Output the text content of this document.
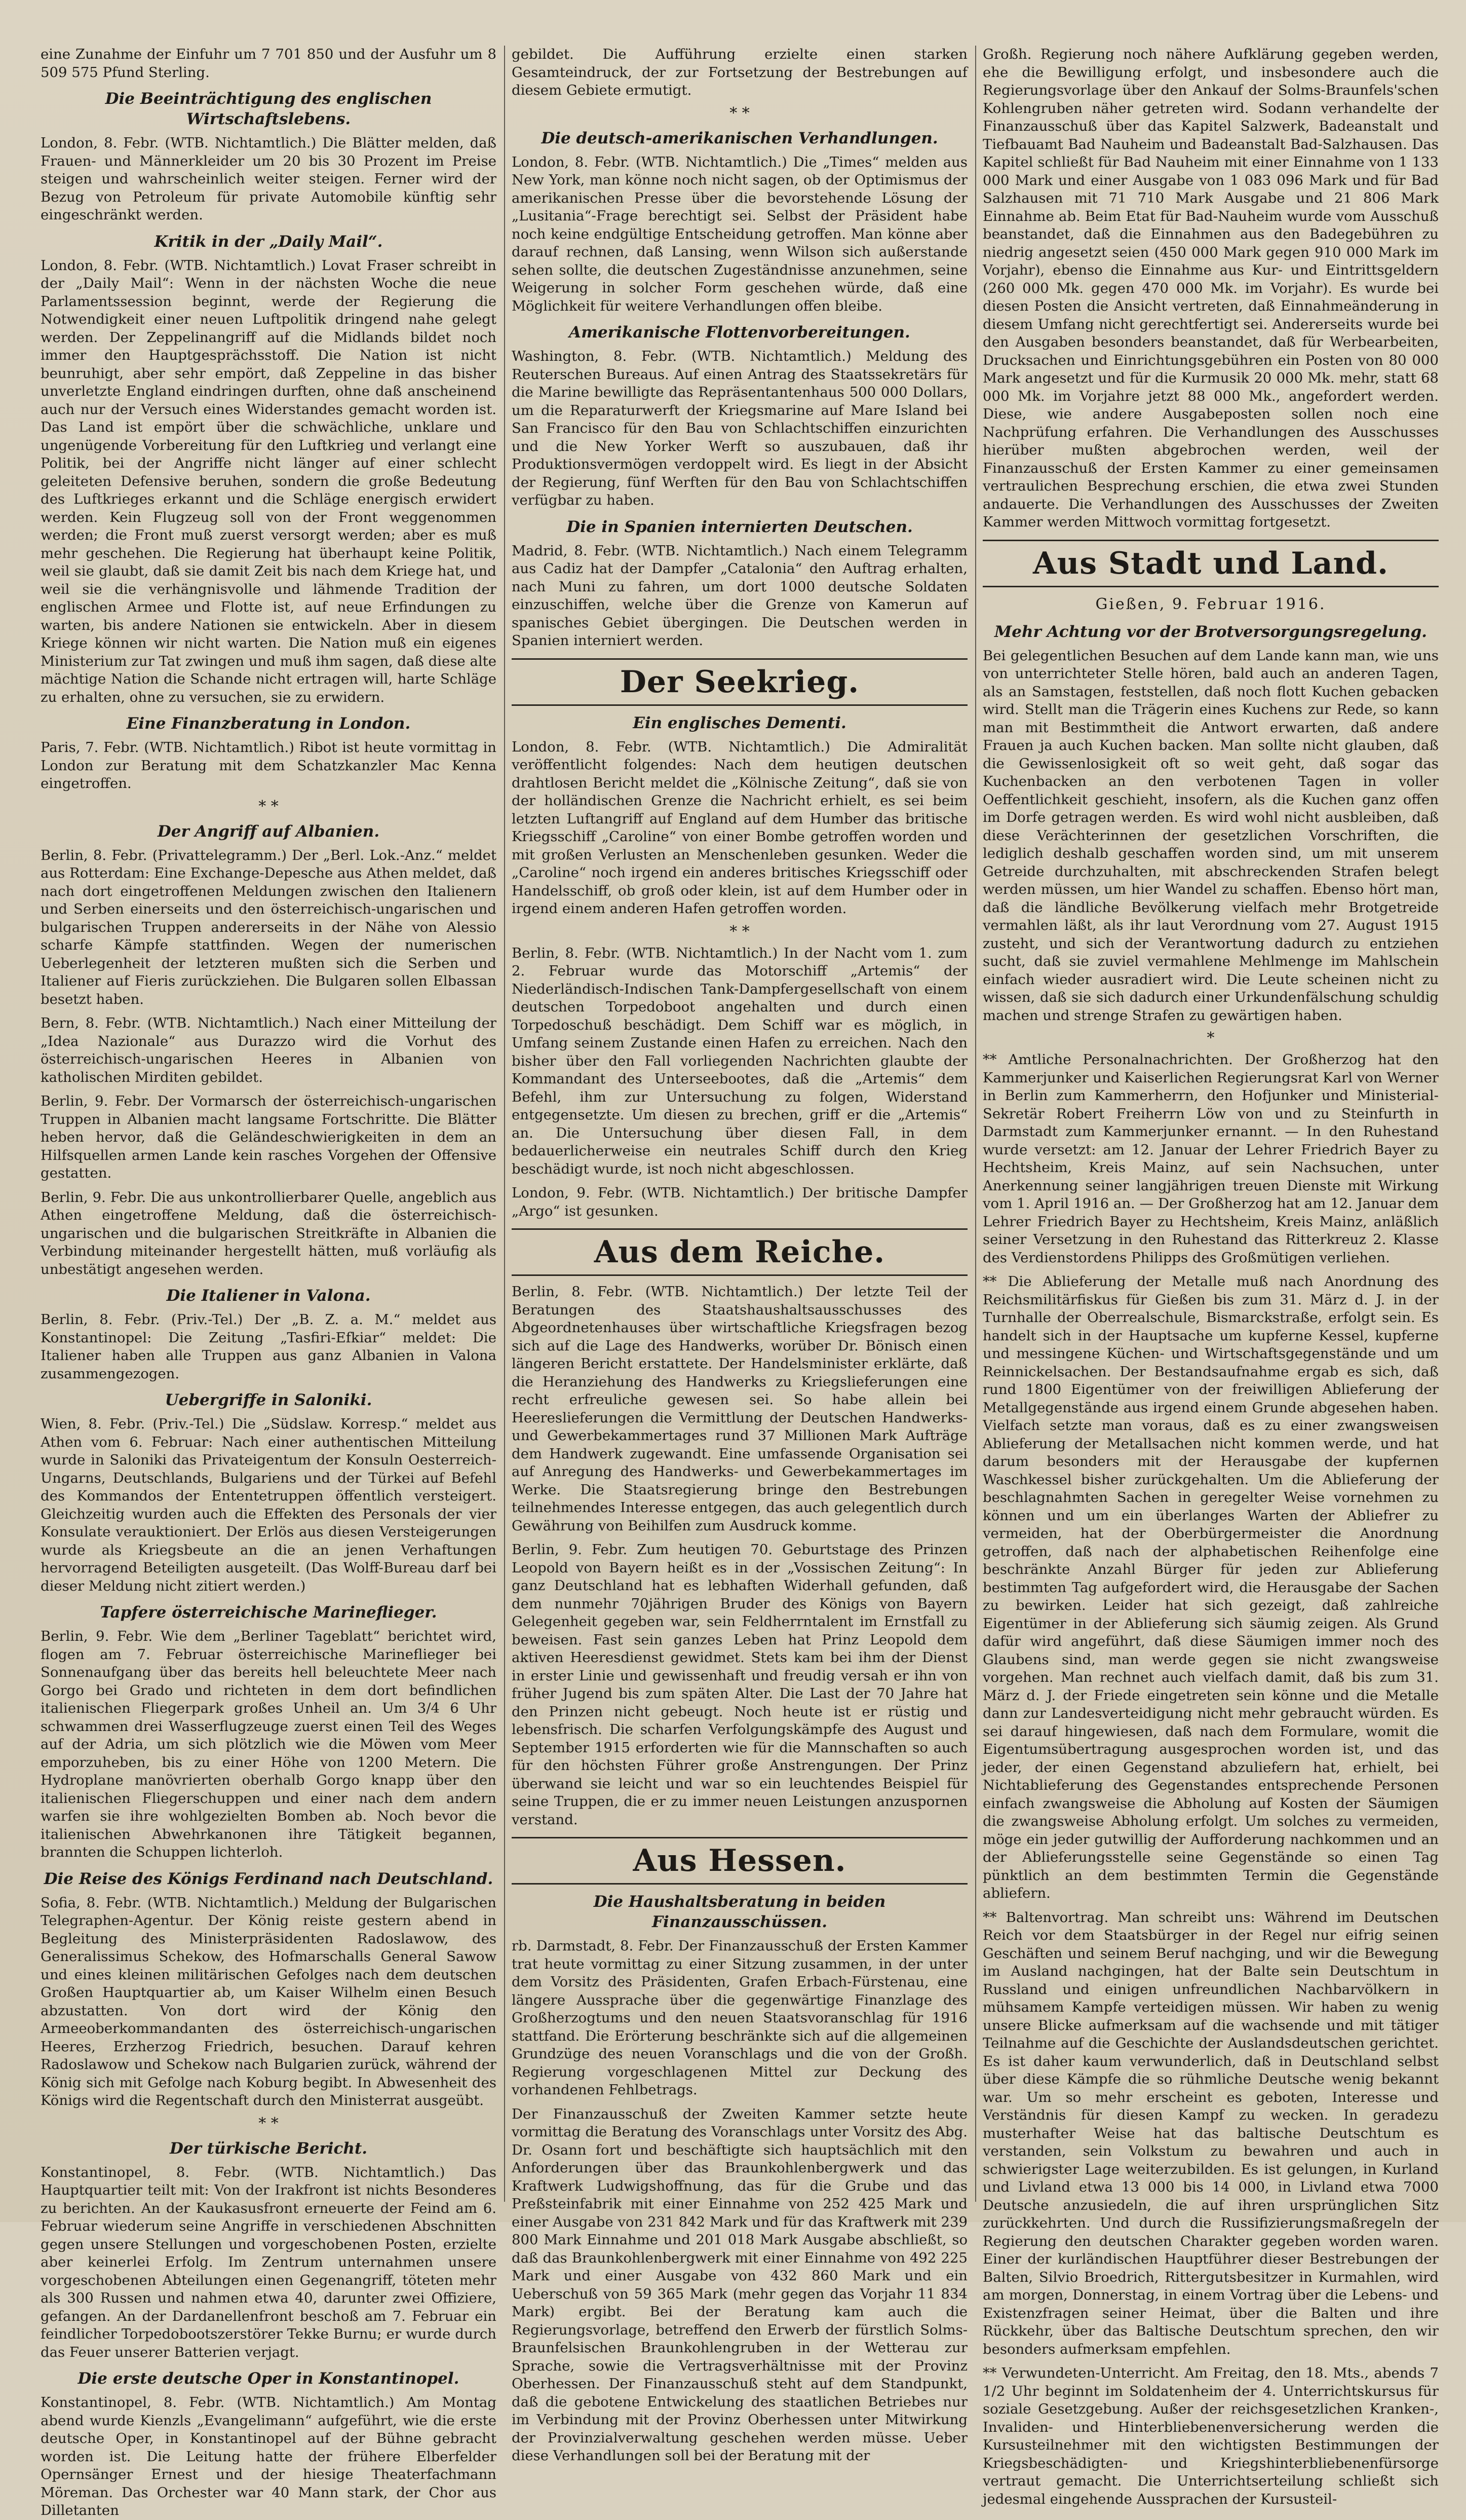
eine Zunahme der Einfuhr um 7 701 850 und der Ausfuhr um 8 509 575 Pfund Sterling.

Die Beeinträchtigung des englischen Wirtschaftslebens.

London, 8. Febr. (WTB. Nichtamtlich.) Die Blätter melden, daß Frauen- und Männerkleider um 20 bis 30 Prozent im Preise steigen und wahrscheinlich weiter steigen. Ferner wird der Bezug von Petroleum für private Automobile künftig sehr eingeschränkt werden.

Kritik in der „Daily Mail“.

London, 8. Febr. (WTB. Nichtamtlich.) Lovat Fraser schreibt in der „Daily Mail“: Wenn in der nächsten Woche die neue Parlamentssession beginnt, werde der Regierung die Notwendigkeit einer neuen Luftpolitik dringend nahe gelegt werden. Der Zeppelinangriff auf die Midlands bildet noch immer den Hauptgesprächsstoff. Die Nation ist nicht beunruhigt, aber sehr empört, daß Zeppeline in das bisher unverletzte England eindringen durften, ohne daß anscheinend auch nur der Versuch eines Widerstandes gemacht worden ist. Das Land ist empört über die schwächliche, unklare und ungenügende Vorbereitung für den Luftkrieg und verlangt eine Politik, bei der Angriffe nicht länger auf einer schlecht geleiteten Defensive beruhen, sondern die große Bedeutung des Luftkrieges erkannt und die Schläge energisch erwidert werden. Kein Flugzeug soll von der Front weggenommen werden; die Front muß zuerst versorgt werden; aber es muß mehr geschehen. Die Regierung hat überhaupt keine Politik, weil sie glaubt, daß sie damit Zeit bis nach dem Kriege hat, und weil sie die verhängnisvolle und lähmende Tradition der englischen Armee und Flotte ist, auf neue Erfindungen zu warten, bis andere Nationen sie entwickeln. Aber in diesem Kriege können wir nicht warten. Die Nation muß ein eigenes Ministerium zur Tat zwingen und muß ihm sagen, daß diese alte mächtige Nation die Schande nicht ertragen will, harte Schläge zu erhalten, ohne zu versuchen, sie zu erwidern.

Eine Finanzberatung in London.

Paris, 7. Febr. (WTB. Nichtamtlich.) Ribot ist heute vormittag in London zur Beratung mit dem Schatzkanzler Mac Kenna eingetroffen.

* *
Der Angriff auf Albanien.

Berlin, 8. Febr. (Privattelegramm.) Der „Berl. Lok.-Anz.“ meldet aus Rotterdam: Eine Exchange-Depesche aus Athen meldet, daß nach dort eingetroffenen Meldungen zwischen den Italienern und Serben einerseits und den österreichisch-ungarischen und bulgarischen Truppen andererseits in der Nähe von Alessio scharfe Kämpfe stattfinden. Wegen der numerischen Ueberlegenheit der letzteren mußten sich die Serben und Italiener auf Fieris zurückziehen. Die Bulgaren sollen Elbassan besetzt haben.

Bern, 8. Febr. (WTB. Nichtamtlich.) Nach einer Mitteilung der „Idea Nazionale“ aus Durazzo wird die Vorhut des österreichisch-ungarischen Heeres in Albanien von katholischen Mirditen gebildet.

Berlin, 9. Febr. Der Vormarsch der österreichisch-ungarischen Truppen in Albanien macht langsame Fortschritte. Die Blätter heben hervor, daß die Geländeschwierigkeiten in dem an Hilfsquellen armen Lande kein rasches Vorgehen der Offensive gestatten.

Berlin, 9. Febr. Die aus unkontrollierbarer Quelle, angeblich aus Athen eingetroffene Meldung, daß die österreichisch-ungarischen und die bulgarischen Streitkräfte in Albanien die Verbindung miteinander hergestellt hätten, muß vorläufig als unbestätigt angesehen werden.

Die Italiener in Valona.

Berlin, 8. Febr. (Priv.-Tel.) Der „B. Z. a. M.“ meldet aus Konstantinopel: Die Zeitung „Tasfiri-Efkiar“ meldet: Die Italiener haben alle Truppen aus ganz Albanien in Valona zusammengezogen.

Uebergriffe in Saloniki.

Wien, 8. Febr. (Priv.-Tel.) Die „Südslaw. Korresp.“ meldet aus Athen vom 6. Februar: Nach einer authentischen Mitteilung wurde in Saloniki das Privateigentum der Konsuln Oesterreich-Ungarns, Deutschlands, Bulgariens und der Türkei auf Befehl des Kommandos der Ententetruppen öffentlich versteigert. Gleichzeitig wurden auch die Effekten des Personals der vier Konsulate verauktioniert. Der Erlös aus diesen Versteigerungen wurde als Kriegsbeute an die an jenen Verhaftungen hervorragend Beteiligten ausgeteilt. (Das Wolff-Bureau darf bei dieser Meldung nicht zitiert werden.)

Tapfere österreichische Marineflieger.

Berlin, 9. Febr. Wie dem „Berliner Tageblatt“ berichtet wird, flogen am 7. Februar österreichische Marineflieger bei Sonnenaufgang über das bereits hell beleuchtete Meer nach Gorgo bei Grado und richteten in dem dort befindlichen italienischen Fliegerpark großes Unheil an. Um 3/4 6 Uhr schwammen drei Wasserflugzeuge zuerst einen Teil des Weges auf der Adria, um sich plötzlich wie die Möwen vom Meer emporzuheben, bis zu einer Höhe von 1200 Metern. Die Hydroplane manövrierten oberhalb Gorgo knapp über den italienischen Fliegerschuppen und einer nach dem andern warfen sie ihre wohlgezielten Bomben ab. Noch bevor die italienischen Abwehrkanonen ihre Tätigkeit begannen, brannten die Schuppen lichterloh.

Die Reise des Königs Ferdinand nach Deutschland.

Sofia, 8. Febr. (WTB. Nichtamtlich.) Meldung der Bulgarischen Telegraphen-Agentur. Der König reiste gestern abend in Begleitung des Ministerpräsidenten Radoslawow, des Generalissimus Schekow, des Hofmarschalls General Sawow und eines kleinen militärischen Gefolges nach dem deutschen Großen Hauptquartier ab, um Kaiser Wilhelm einen Besuch abzustatten. Von dort wird der König den Armeeoberkommandanten des österreichisch-ungarischen Heeres, Erzherzog Friedrich, besuchen. Darauf kehren Radoslawow und Schekow nach Bulgarien zurück, während der König sich mit Gefolge nach Koburg begibt. In Abwesenheit des Königs wird die Regentschaft durch den Ministerrat ausgeübt.

* *
Der türkische Bericht.

Konstantinopel, 8. Febr. (WTB. Nichtamtlich.) Das Hauptquartier teilt mit: Von der Irakfront ist nichts Besonderes zu berichten. An der Kaukasusfront erneuerte der Feind am 6. Februar wiederum seine Angriffe in verschiedenen Abschnitten gegen unsere Stellungen und vorgeschobenen Posten, erzielte aber keinerlei Erfolg. Im Zentrum unternahmen unsere vorgeschobenen Abteilungen einen Gegenangriff, töteten mehr als 300 Russen und nahmen etwa 40, darunter zwei Offiziere, gefangen. An der Dardanellenfront beschoß am 7. Februar ein feindlicher Torpedobootszerstörer Tekke Burnu; er wurde durch das Feuer unserer Batterien verjagt.

Die erste deutsche Oper in Konstantinopel.

Konstantinopel, 8. Febr. (WTB. Nichtamtlich.) Am Montag abend wurde Kienzls „Evangelimann“ aufgeführt, wie die erste deutsche Oper, in Konstantinopel auf der Bühne gebracht worden ist. Die Leitung hatte der frühere Elberfelder Opernsänger Ernest und der hiesige Theaterfachmann Möreman. Das Orchester war 40 Mann stark, der Chor aus Dilletanten

gebildet. Die Aufführung erzielte einen starken Gesamteindruck, der zur Fortsetzung der Bestrebungen auf diesem Gebiete ermutigt.

* *
Die deutsch-amerikanischen Verhandlungen.

London, 8. Febr. (WTB. Nichtamtlich.) Die „Times“ melden aus New York, man könne noch nicht sagen, ob der Optimismus der amerikanischen Presse über die bevorstehende Lösung der „Lusitania“-Frage berechtigt sei. Selbst der Präsident habe noch keine endgültige Entscheidung getroffen. Man könne aber darauf rechnen, daß Lansing, wenn Wilson sich außerstande sehen sollte, die deutschen Zugeständnisse anzunehmen, seine Weigerung in solcher Form geschehen würde, daß eine Möglichkeit für weitere Verhandlungen offen bleibe.

Amerikanische Flottenvorbereitungen.

Washington, 8. Febr. (WTB. Nichtamtlich.) Meldung des Reuterschen Bureaus. Auf einen Antrag des Staatssekretärs für die Marine bewilligte das Repräsentantenhaus 500 000 Dollars, um die Reparaturwerft der Kriegsmarine auf Mare Island bei San Francisco für den Bau von Schlachtschiffen einzurichten und die New Yorker Werft so auszubauen, daß ihr Produktionsvermögen verdoppelt wird. Es liegt in der Absicht der Regierung, fünf Werften für den Bau von Schlachtschiffen verfügbar zu haben.

Die in Spanien internierten Deutschen.

Madrid, 8. Febr. (WTB. Nichtamtlich.) Nach einem Telegramm aus Cadiz hat der Dampfer „Catalonia“ den Auftrag erhalten, nach Muni zu fahren, um dort 1000 deutsche Soldaten einzuschiffen, welche über die Grenze von Kamerun auf spanisches Gebiet übergingen. Die Deutschen werden in Spanien interniert werden.

Der Seekrieg.
Ein englisches Dementi.

London, 8. Febr. (WTB. Nichtamtlich.) Die Admiralität veröffentlicht folgendes: Nach dem heutigen deutschen drahtlosen Bericht meldet die „Kölnische Zeitung“, daß sie von der holländischen Grenze die Nachricht erhielt, es sei beim letzten Luftangriff auf England auf dem Humber das britische Kriegsschiff „Caroline“ von einer Bombe getroffen worden und mit großen Verlusten an Menschenleben gesunken. Weder die „Caroline“ noch irgend ein anderes britisches Kriegsschiff oder Handelsschiff, ob groß oder klein, ist auf dem Humber oder in irgend einem anderen Hafen getroffen worden.

* *

Berlin, 8. Febr. (WTB. Nichtamtlich.) In der Nacht vom 1. zum 2. Februar wurde das Motorschiff „Artemis“ der Niederländisch-Indischen Tank-Dampfergesellschaft von einem deutschen Torpedoboot angehalten und durch einen Torpedoschuß beschädigt. Dem Schiff war es möglich, in Umfang seinem Zustande einen Hafen zu erreichen. Nach den bisher über den Fall vorliegenden Nachrichten glaubte der Kommandant des Unterseebootes, daß die „Artemis“ dem Befehl, ihm zur Untersuchung zu folgen, Widerstand entgegensetzte. Um diesen zu brechen, griff er die „Artemis“ an. Die Untersuchung über diesen Fall, in dem bedauerlicherweise ein neutrales Schiff durch den Krieg beschädigt wurde, ist noch nicht abgeschlossen.

London, 9. Febr. (WTB. Nichtamtlich.) Der britische Dampfer „Argo“ ist gesunken.

Aus dem Reiche.

Berlin, 8. Febr. (WTB. Nichtamtlich.) Der letzte Teil der Beratungen des Staatshaushaltsausschusses des Abgeordnetenhauses über wirtschaftliche Kriegsfragen bezog sich auf die Lage des Handwerks, worüber Dr. Bönisch einen längeren Bericht erstattete. Der Handelsminister erklärte, daß die Heranziehung des Handwerks zu Kriegslieferungen eine recht erfreuliche gewesen sei. So habe allein bei Heereslieferungen die Vermittlung der Deutschen Handwerks- und Gewerbekammertages rund 37 Millionen Mark Aufträge dem Handwerk zugewandt. Eine umfassende Organisation sei auf Anregung des Handwerks- und Gewerbekammertages im Werke. Die Staatsregierung bringe den Bestrebungen teilnehmendes Interesse entgegen, das auch gelegentlich durch Gewährung von Beihilfen zum Ausdruck komme.

Berlin, 9. Febr. Zum heutigen 70. Geburtstage des Prinzen Leopold von Bayern heißt es in der „Vossischen Zeitung“: In ganz Deutschland hat es lebhaften Widerhall gefunden, daß dem nunmehr 70jährigen Bruder des Königs von Bayern Gelegenheit gegeben war, sein Feldherrntalent im Ernstfall zu beweisen. Fast sein ganzes Leben hat Prinz Leopold dem aktiven Heeresdienst gewidmet. Stets kam bei ihm der Dienst in erster Linie und gewissenhaft und freudig versah er ihn von früher Jugend bis zum späten Alter. Die Last der 70 Jahre hat den Prinzen nicht gebeugt. Noch heute ist er rüstig und lebensfrisch. Die scharfen Verfolgungskämpfe des August und September 1915 erforderten wie für die Mannschaften so auch für den höchsten Führer große Anstrengungen. Der Prinz überwand sie leicht und war so ein leuchtendes Beispiel für seine Truppen, die er zu immer neuen Leistungen anzuspornen verstand.

Aus Hessen.
Die Haushaltsberatung in beiden Finanzausschüssen.

rb. Darmstadt, 8. Febr. Der Finanzausschuß der Ersten Kammer trat heute vormittag zu einer Sitzung zusammen, in der unter dem Vorsitz des Präsidenten, Grafen Erbach-Fürstenau, eine längere Aussprache über die gegenwärtige Finanzlage des Großherzogtums und den neuen Staatsvoranschlag für 1916 stattfand. Die Erörterung beschränkte sich auf die allgemeinen Grundzüge des neuen Voranschlags und die von der Großh. Regierung vorgeschlagenen Mittel zur Deckung des vorhandenen Fehlbetrags.

Der Finanzausschuß der Zweiten Kammer setzte heute vormittag die Beratung des Voranschlags unter Vorsitz des Abg. Dr. Osann fort und beschäftigte sich hauptsächlich mit den Anforderungen über das Braunkohlenbergwerk und das Kraftwerk Ludwigshoffnung, das für die Grube und das Preßsteinfabrik mit einer Einnahme von 252 425 Mark und einer Ausgabe von 231 842 Mark und für das Kraftwerk mit 239 800 Mark Einnahme und 201 018 Mark Ausgabe abschließt, so daß das Braunkohlenbergwerk mit einer Einnahme von 492 225 Mark und einer Ausgabe von 432 860 Mark und ein Ueberschuß von 59 365 Mark (mehr gegen das Vorjahr 11 834 Mark) ergibt. Bei der Beratung kam auch die Regierungsvorlage, betreffend den Erwerb der fürstlich Solms-Braunfelsischen Braunkohlengruben in der Wetterau zur Sprache, sowie die Vertragsverhältnisse mit der Provinz Oberhessen. Der Finanzausschuß steht auf dem Standpunkt, daß die gebotene Entwickelung des staatlichen Betriebes nur im Verbindung mit der Provinz Oberhessen unter Mitwirkung der Provinzialverwaltung geschehen werden müsse. Ueber diese Verhandlungen soll bei der Beratung mit der

Großh. Regierung noch nähere Aufklärung gegeben werden, ehe die Bewilligung erfolgt, und insbesondere auch die Regierungsvorlage über den Ankauf der Solms-Braunfels'schen Kohlengruben näher getreten wird. Sodann verhandelte der Finanzausschuß über das Kapitel Salzwerk, Badeanstalt und Tiefbauamt Bad Nauheim und Badeanstalt Bad-Salzhausen. Das Kapitel schließt für Bad Nauheim mit einer Einnahme von 1 133 000 Mark und einer Ausgabe von 1 083 096 Mark und für Bad Salzhausen mit 71 710 Mark Ausgabe und 21 806 Mark Einnahme ab. Beim Etat für Bad-Nauheim wurde vom Ausschuß beanstandet, daß die Einnahmen aus den Badegebühren zu niedrig angesetzt seien (450 000 Mark gegen 910 000 Mark im Vorjahr), ebenso die Einnahme aus Kur- und Eintrittsgeldern (260 000 Mk. gegen 470 000 Mk. im Vorjahr). Es wurde bei diesen Posten die Ansicht vertreten, daß Einnahmeänderung in diesem Umfang nicht gerechtfertigt sei. Andererseits wurde bei den Ausgaben besonders beanstandet, daß für Werbearbeiten, Drucksachen und Einrichtungsgebühren ein Posten von 80 000 Mark angesetzt und für die Kurmusik 20 000 Mk. mehr, statt 68 000 Mk. im Vorjahre jetzt 88 000 Mk., angefordert werden. Diese, wie andere Ausgabeposten sollen noch eine Nachprüfung erfahren. Die Verhandlungen des Ausschusses hierüber mußten abgebrochen werden, weil der Finanzausschuß der Ersten Kammer zu einer gemeinsamen vertraulichen Besprechung erschien, die etwa zwei Stunden andauerte. Die Verhandlungen des Ausschusses der Zweiten Kammer werden Mittwoch vormittag fortgesetzt.

Aus Stadt und Land.
Gießen, 9. Februar 1916.
Mehr Achtung vor der Brotversorgungsregelung.

Bei gelegentlichen Besuchen auf dem Lande kann man, wie uns von unterrichteter Stelle hören, bald auch an anderen Tagen, als an Samstagen, feststellen, daß noch flott Kuchen gebacken wird. Stellt man die Trägerin eines Kuchens zur Rede, so kann man mit Bestimmtheit die Antwort erwarten, daß andere Frauen ja auch Kuchen backen. Man sollte nicht glauben, daß die Gewissenlosigkeit oft so weit geht, daß sogar das Kuchenbacken an den verbotenen Tagen in voller Oeffentlichkeit geschieht, insofern, als die Kuchen ganz offen im Dorfe getragen werden. Es wird wohl nicht ausbleiben, daß diese Verächterinnen der gesetzlichen Vorschriften, die lediglich deshalb geschaffen worden sind, um mit unserem Getreide durchzuhalten, mit abschreckenden Strafen belegt werden müssen, um hier Wandel zu schaffen. Ebenso hört man, daß die ländliche Bevölkerung vielfach mehr Brotgetreide vermahlen läßt, als ihr laut Verordnung vom 27. August 1915 zusteht, und sich der Verantwortung dadurch zu entziehen sucht, daß sie zuviel vermahlene Mehlmenge im Mahlschein einfach wieder ausradiert wird. Die Leute scheinen nicht zu wissen, daß sie sich dadurch einer Urkundenfälschung schuldig machen und strenge Strafen zu gewärtigen haben.

*

** Amtliche Personalnachrichten. Der Großherzog hat den Kammerjunker und Kaiserlichen Regierungsrat Karl von Werner in Berlin zum Kammerherrn, den Hofjunker und Ministerial-Sekretär Robert Freiherrn Löw von und zu Steinfurth in Darmstadt zum Kammerjunker ernannt. — In den Ruhestand wurde versetzt: am 12. Januar der Lehrer Friedrich Bayer zu Hechtsheim, Kreis Mainz, auf sein Nachsuchen, unter Anerkennung seiner langjährigen treuen Dienste mit Wirkung vom 1. April 1916 an. — Der Großherzog hat am 12. Januar dem Lehrer Friedrich Bayer zu Hechtsheim, Kreis Mainz, anläßlich seiner Versetzung in den Ruhestand das Ritterkreuz 2. Klasse des Verdienstordens Philipps des Großmütigen verliehen.

** Die Ablieferung der Metalle muß nach Anordnung des Reichsmilitärfiskus für Gießen bis zum 31. März d. J. in der Turnhalle der Oberrealschule, Bismarckstraße, erfolgt sein. Es handelt sich in der Hauptsache um kupferne Kessel, kupferne und messingene Küchen- und Wirtschaftsgegenstände und um Reinnickelsachen. Der Bestandsaufnahme ergab es sich, daß rund 1800 Eigentümer von der freiwilligen Ablieferung der Metallgegenstände aus irgend einem Grunde abgesehen haben. Vielfach setzte man voraus, daß es zu einer zwangsweisen Ablieferung der Metallsachen nicht kommen werde, und hat darum besonders mit der Herausgabe der kupfernen Waschkessel bisher zurückgehalten. Um die Ablieferung der beschlagnahmten Sachen in geregelter Weise vornehmen zu können und um ein überlanges Warten der Abliefrer zu vermeiden, hat der Oberbürgermeister die Anordnung getroffen, daß nach der alphabetischen Reihenfolge eine beschränkte Anzahl Bürger für jeden zur Ablieferung bestimmten Tag aufgefordert wird, die Herausgabe der Sachen zu bewirken. Leider hat sich gezeigt, daß zahlreiche Eigentümer in der Ablieferung sich säumig zeigen. Als Grund dafür wird angeführt, daß diese Säumigen immer noch des Glaubens sind, man werde gegen sie nicht zwangsweise vorgehen. Man rechnet auch vielfach damit, daß bis zum 31. März d. J. der Friede eingetreten sein könne und die Metalle dann zur Landesverteidigung nicht mehr gebraucht würden. Es sei darauf hingewiesen, daß nach dem Formulare, womit die Eigentumsübertragung ausgesprochen worden ist, und das jeder, der einen Gegenstand abzuliefern hat, erhielt, bei Nichtablieferung des Gegenstandes entsprechende Personen einfach zwangsweise die Abholung auf Kosten der Säumigen die zwangsweise Abholung erfolgt. Um solches zu vermeiden, möge ein jeder gutwillig der Aufforderung nachkommen und an der Ablieferungsstelle seine Gegenstände so einen Tag pünktlich an dem bestimmten Termin die Gegenstände abliefern.

** Baltenvortrag. Man schreibt uns: Während im Deutschen Reich vor dem Staatsbürger in der Regel nur eifrig seinen Geschäften und seinem Beruf nachging, und wir die Bewegung im Ausland nachgingen, hat der Balte sein Deutschtum in Russland und einigen unfreundlichen Nachbarvölkern in mühsamem Kampfe verteidigen müssen. Wir haben zu wenig unsere Blicke aufmerksam auf die wachsende und mit tätiger Teilnahme auf die Geschichte der Auslandsdeutschen gerichtet. Es ist daher kaum verwunderlich, daß in Deutschland selbst über diese Kämpfe die so rühmliche Deutsche wenig bekannt war. Um so mehr erscheint es geboten, Interesse und Verständnis für diesen Kampf zu wecken. In geradezu musterhafter Weise hat das baltische Deutschtum es verstanden, sein Volkstum zu bewahren und auch in schwierigster Lage weiterzubilden. Es ist gelungen, in Kurland und Livland etwa 13 000 bis 14 000, in Livland etwa 7000 Deutsche anzusiedeln, die auf ihren ursprünglichen Sitz zurückkehrten. Und durch die Russifizierungsmaßregeln der Regierung den deutschen Charakter gegeben worden waren. Einer der kurländischen Hauptführer dieser Bestrebungen der Balten, Silvio Broedrich, Rittergutsbesitzer in Kurmahlen, wird am morgen, Donnerstag, in einem Vortrag über die Lebens- und Existenzfragen seiner Heimat, über die Balten und ihre Rückkehr, über das Baltische Deutschtum sprechen, den wir besonders aufmerksam empfehlen.

** Verwundeten-Unterricht. Am Freitag, den 18. Mts., abends 7 1/2 Uhr beginnt im Soldatenheim der 4. Unterrichtskursus für soziale Gesetzgebung. Außer der reichsgesetzlichen Kranken-, Invaliden- und Hinterbliebenenversicherung werden die Kursusteilnehmer mit den wichtigsten Bestimmungen der Kriegsbeschädigten- und Kriegshinterbliebenenfürsorge vertraut gemacht. Die Unterrichtserteilung schließt sich jedesmal eingehende Aussprachen der Kursusteil-
